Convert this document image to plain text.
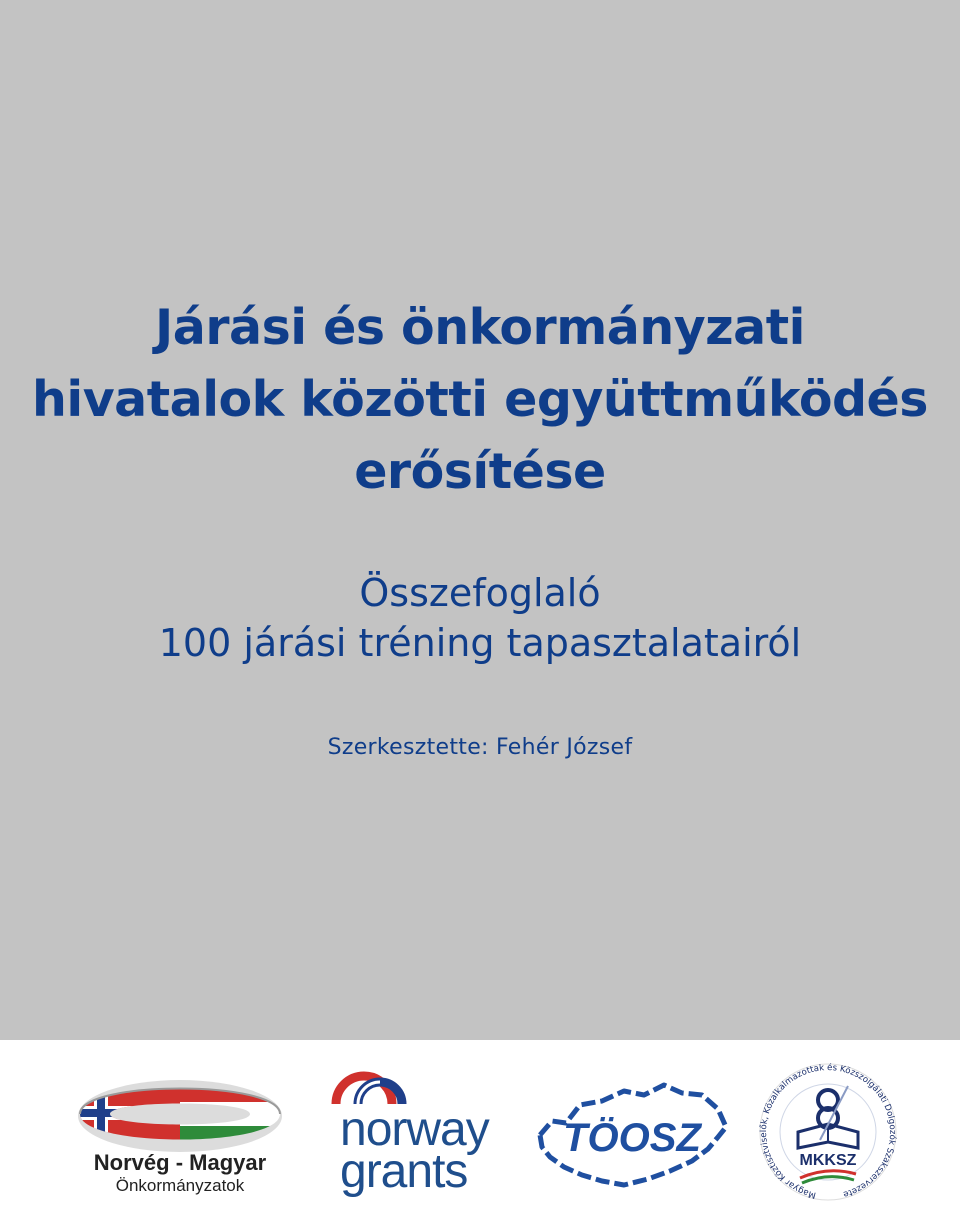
Járási és önkormányzati
hivatalok közötti együttműködés
erősítése
Összefoglaló
100 járási tréning tapasztalatairól
Szerkesztette: Fehér József
Norvég - Magyar
Önkormányzatok
norway
grants
TÖOSZ
Magyar Köztisztviselők, Közalkalmazottak és Közszolgálati Dolgozók Szakszervezete
MKKSZ
